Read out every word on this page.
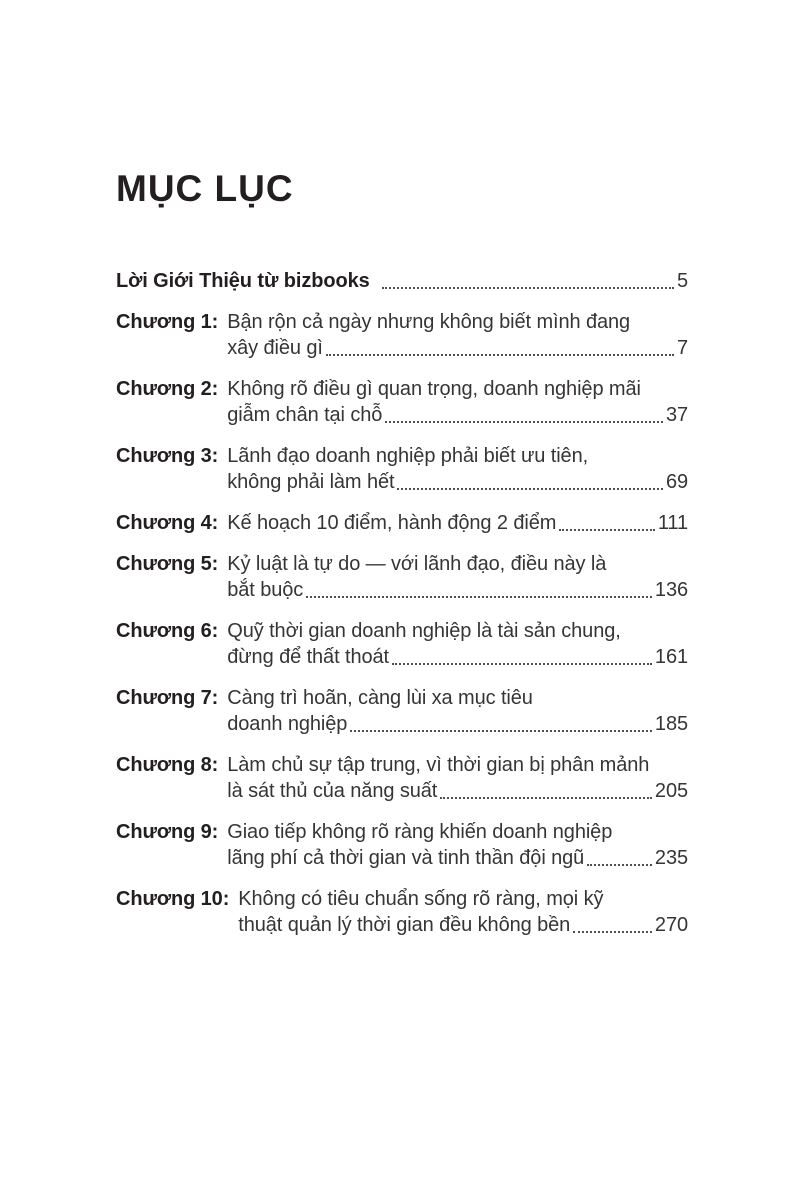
MỤC LỤC
Lời Giới Thiệu từ bizbooks	5
Chương 1: Bận rộn cả ngày nhưng không biết mình đang
xây điều gì	7
Chương 2: Không rõ điều gì quan trọng, doanh nghiệp mãi
giẫm chân tại chỗ	37
Chương 3: Lãnh đạo doanh nghiệp phải biết ưu tiên,
không phải làm hết	69
Chương 4: Kế hoạch 10 điểm, hành động 2 điểm	111
Chương 5: Kỷ luật là tự do — với lãnh đạo, điều này là
bắt buộc	136
Chương 6: Quỹ thời gian doanh nghiệp là tài sản chung,
đừng để thất thoát	161
Chương 7: Càng trì hoãn, càng lùi xa mục tiêu
doanh nghiệp	185
Chương 8: Làm chủ sự tập trung, vì thời gian bị phân mảnh
là sát thủ của năng suất	205
Chương 9: Giao tiếp không rõ ràng khiến doanh nghiệp
lãng phí cả thời gian và tinh thần đội ngũ	235
Chương 10: Không có tiêu chuẩn sống rõ ràng, mọi kỹ
thuật quản lý thời gian đều không bền	270
